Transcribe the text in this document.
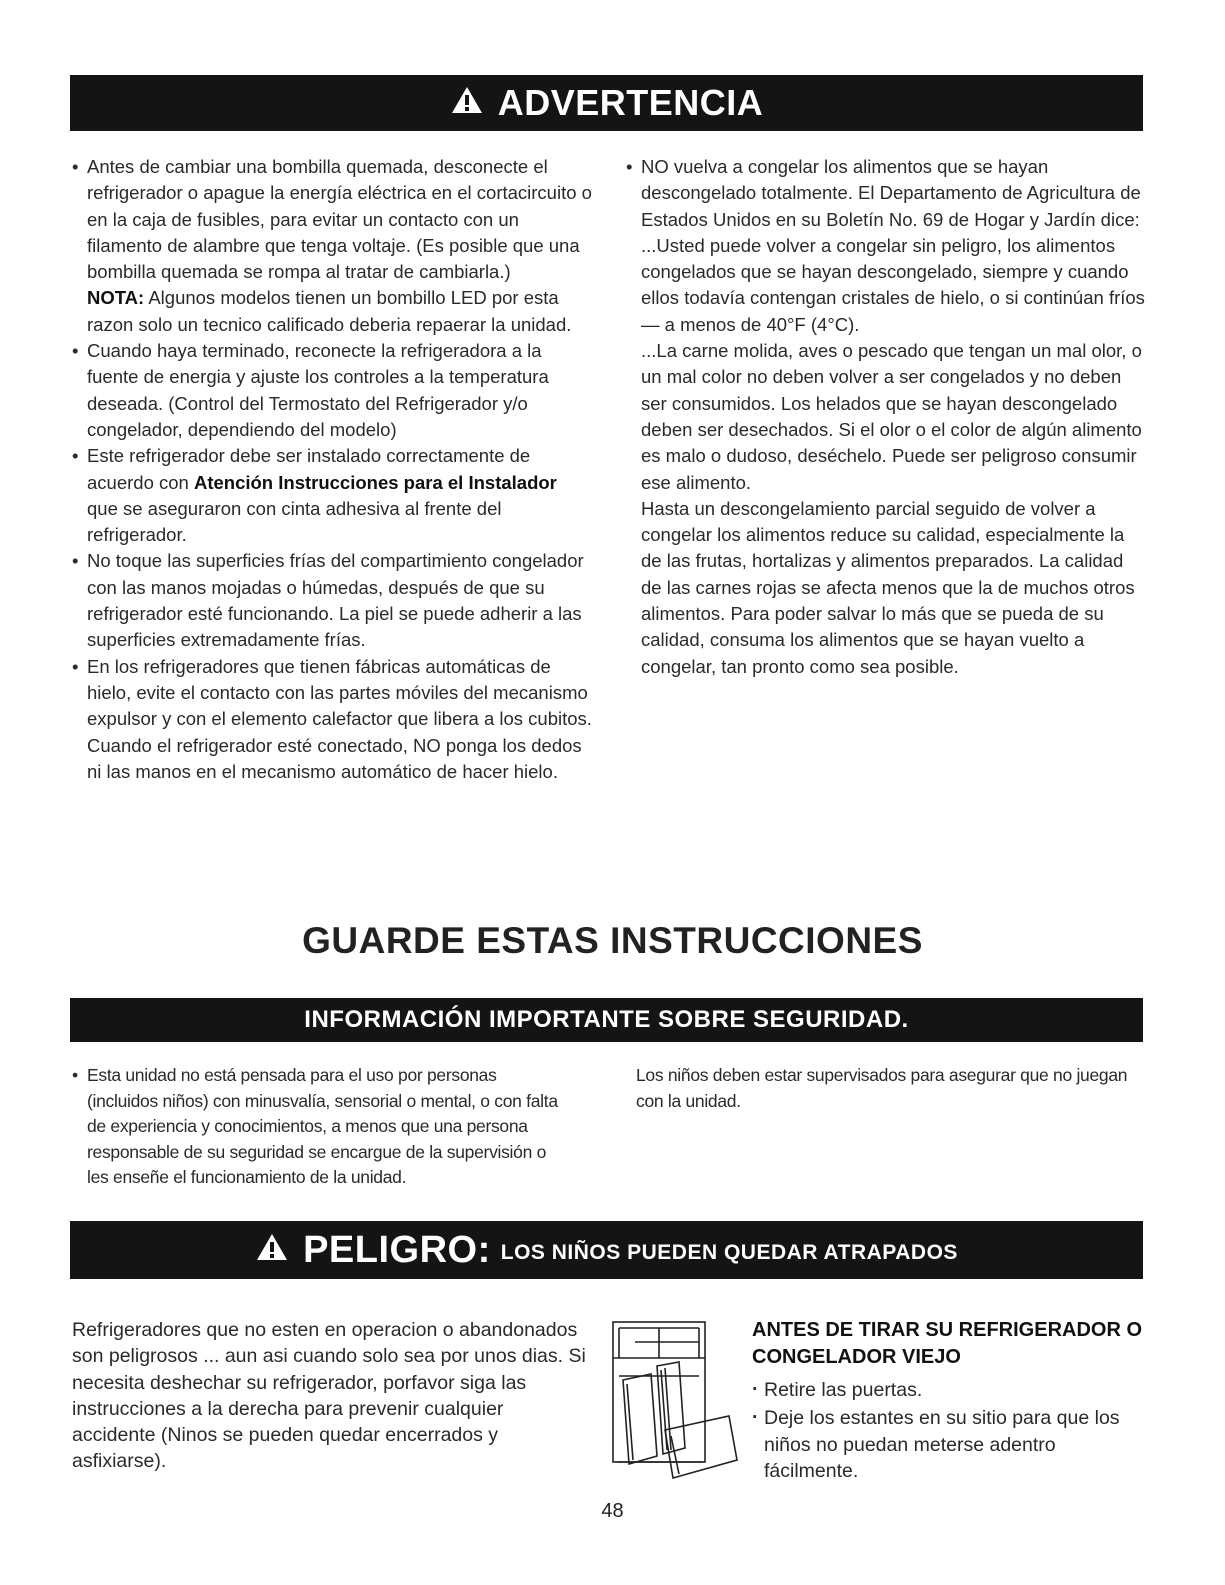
ADVERTENCIA

• Antes de cambiar una bombilla quemada, desconecte el refrigerador o apague la energía eléctrica en el cortacircuito o en la caja de fusibles, para evitar un contacto con un filamento de alambre que tenga voltaje. (Es posible que una bombilla quemada se rompa al tratar de cambiarla.)

NOTA: Algunos modelos tienen un bombillo LED por esta razon solo un tecnico calificado deberia repaerar la unidad.

• Cuando haya terminado, reconecte la refrigeradora a la fuente de energia y ajuste los controles a la temperatura deseada. (Control del Termostato del Refrigerador y/o congelador, dependiendo del modelo)

• Este refrigerador debe ser instalado correctamente de acuerdo con Atención Instrucciones para el Instalador que se aseguraron con cinta adhesiva al frente del refrigerador.

• No toque las superficies frías del compartimiento congelador con las manos mojadas o húmedas, después de que su refrigerador esté funcionando. La piel se puede adherir a las superficies extremadamente frías.

• En los refrigeradores que tienen fábricas automáticas de hielo, evite el contacto con las partes móviles del mecanismo expulsor y con el elemento calefactor que libera a los cubitos. Cuando el refrigerador esté conectado, NO ponga los dedos ni las manos en el mecanismo automático de hacer hielo.

• NO vuelva a congelar los alimentos que se hayan descongelado totalmente. El Departamento de Agricultura de Estados Unidos en su Boletín No. 69 de Hogar y Jardín dice:

...Usted puede volver a congelar sin peligro, los alimentos congelados que se hayan descongelado, siempre y cuando ellos todavía contengan cristales de hielo, o si continúan fríos — a menos de 40°F (4°C).

...La carne molida, aves o pescado que tengan un mal olor, o un mal color no deben volver a ser congelados y no deben ser consumidos. Los helados que se hayan descongelado deben ser desechados. Si el olor o el color de algún alimento es malo o dudoso, deséchelo. Puede ser peligroso consumir ese alimento.

Hasta un descongelamiento parcial seguido de volver a congelar los alimentos reduce su calidad, especialmente la de las frutas, hortalizas y alimentos preparados. La calidad de las carnes rojas se afecta menos que la de muchos otros alimentos. Para poder salvar lo más que se pueda de su calidad, consuma los alimentos que se hayan vuelto a congelar, tan pronto como sea posible.

GUARDE ESTAS INSTRUCCIONES
INFORMACIÓN IMPORTANTE SOBRE SEGURIDAD.

• Esta unidad no está pensada para el uso por personas (incluidos niños) con minusvalía, sensorial o mental, o con falta de experiencia y conocimientos, a menos que una persona responsable de su seguridad se encargue de la supervisión o les enseñe el funcionamiento de la unidad.

Los niños deben estar supervisados para asegurar que no juegan con la unidad.

PELIGRO: LOS NIÑOS PUEDEN QUEDAR ATRAPADOS

Refrigeradores que no esten en operacion o abandonados son peligrosos ... aun asi cuando solo sea por unos dias. Si necesita deshechar su refrigerador, porfavor siga las instrucciones a la derecha para prevenir cualquier accidente (Ninos se pueden quedar encerrados y asfixiarse).

ANTES DE TIRAR SU REFRIGERADOR O CONGELADOR VIEJO

· Retire las puertas.

· Deje los estantes en su sitio para que los niños no puedan meterse adentro fácilmente.

48
